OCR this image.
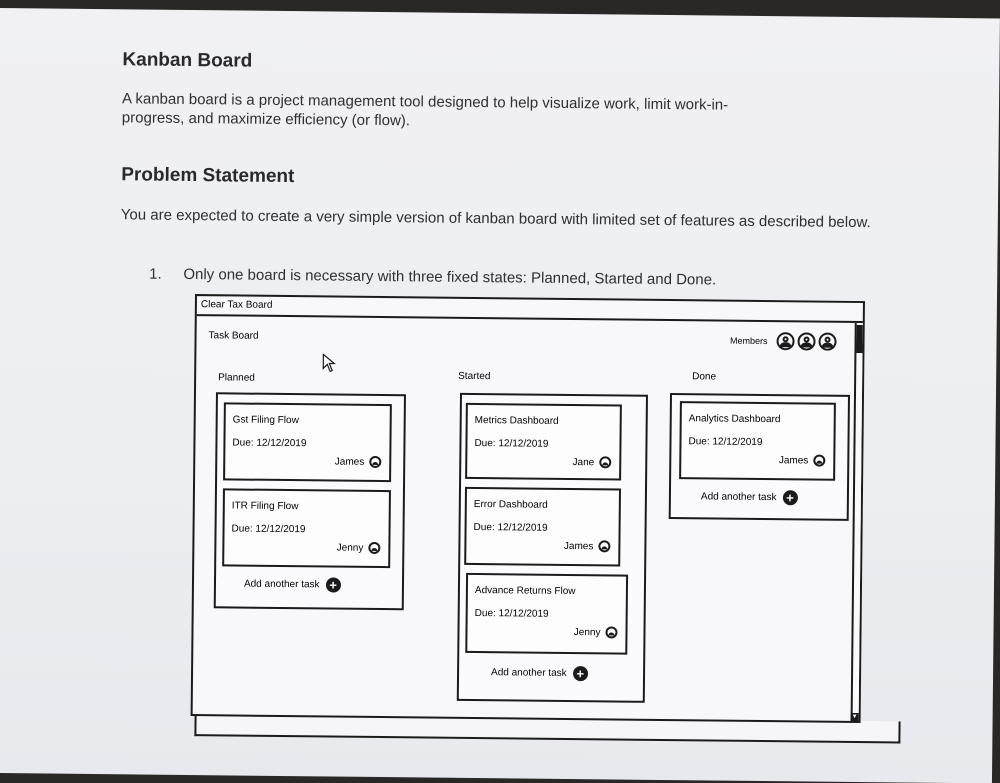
Kanban Board
A kanban board is a project management tool designed to help visualize work, limit work-in-progress, and maximize efficiency (or flow).
Problem Statement
You are expected to create a very simple version of kanban board with limited set of features as described below.
1. Only one board is necessary with three fixed states: Planned, Started and Done.
Clear Tax Board
▼
Task Board	Members
Planned
Gst Filing Flow
Due: 12/12/2019
James
ITR Filing Flow
Due: 12/12/2019
Jenny
Add another task +
Started
Metrics Dashboard
Due: 12/12/2019
Jane
Error Dashboard
Due: 12/12/2019
James
Advance Returns Flow
Due: 12/12/2019
Jenny
Add another task +
Done
Analytics Dashboard
Due: 12/12/2019
James
Add another task +
